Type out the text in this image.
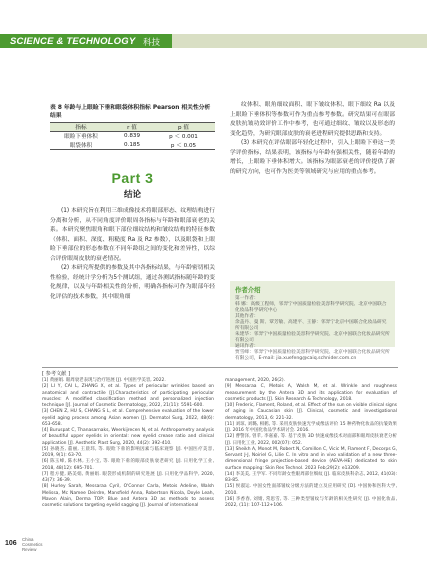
SCIENCE & TECHNOLOGY 科技
表 8 年龄与上眼睑下垂和眼袋体积指标 Pearson 相关性分析结果
指标	r 值	p 值
眼睑下垂体积	0.839	p ＜ 0.001
眼袋体积	0.185	p ＜ 0.05
Part 3
结论

(1) 本研究旨在利用三维成像技术将眼部形态、纹理结构进行分离和分析，从不同角度评价眼周各指标与年龄和眼部衰老的关系。本研究聚焦眼角和眼下部位细纹结构和皱纹结构的特征参数（体积、面积、深度、粗糙度 Ra 及 Rz 参数），以及眼袋和上眼睑下垂部位的形态参数在不同年龄组之间的变化和差异性，以综合评价眼周皮肤的衰老情况。

(2) 本研究所提供的参数及其中各指标结果，与年龄密切相关性检验，经统计学分析为5个测试组，通过各测试指标随年龄的变化规律，以及与年龄相关性的分析，明确各指标可作为眼部年轻化评估的技术参数，其中眼角细

纹体积、眼角细纹面积、眼下皱纹体积、眼下细纹 Ra 以及上眼睑下垂体积等参数可作为重点参考参数。研究结果可在眼部皮肤抗皱功效评价工作中参考，也可通过细纹、皱纹以及形态的变化趋势，为研究眼部皮肤的衰老进程研究提供思路和支持。

(3) 本研究在评估眼部年轻化过程中，引入上眼睑下垂这一美学评价指标，结果表明，该指标与年龄有强相关性，随着年龄的增长，上眼睑下垂体积增大。该指标为眼部衰老的评价提供了新的研究方向，也可作为医美等领域研究与应用的重点参考。

作者介绍
第一作者：
韩 娜：高级工程师，邻羿宁中国质量检验美容科学研究院、北京中国联合化妆品科学研究中心
其他作者：
余盖丹、曼 斯、覃芳敏、高建平、王静：邻羿宁北京中国联合化妆品研究所有限公司
朱建华：邻羿宁中国质量检验美容科学研究院、北京中国联合化妆品研究所有限公司
通讯作者：
贾雪峰：邻羿宁中国质量检验美容科学研究院、北京中国联合化妆品研究所有限公司，E-mail: jia.xuefeng@caiq.schnider.com.cn
[ 参考文献 ]
[1] 黄丽娟. 眼周衰老表现与治疗进展 [J]. 中国医学美容, 2022.
[2] LI Y, CAI L, ZHANG X, et al. Types of periocular wrinkles based on anatomical and contractile [J].Characteristics of participating periocular muscles: A modified classification method and personalized injection technique [J]. Journal of Cosmetic Dermatology, 2022, 21(11): 5591-600.
[3] CHEN Z, HU S, CHANG S L, et al. Comprehensive evaluation of the lower eyelid aging process among Asian women [J]. Dermatol Surg, 2022, 48(6): 653-658.
[4] Buruspat C, Thanasarnaks, Weerkijrecen N, et al. Anthropometry analysis of beautiful upper eyelids in oriental: new eyelid crease ratio and clinical application [J]. Aesthetic Plast Surg, 2020, 44(2): 392-410.
[5] 孙晓杰, 董丽, 王晨玮, 等. 眼睑下垂的影响因素与临床观察 [J]. 中国医疗美容, 2019, 9(1): 63-70.
[6] 陈玉峰, 陈水林, 王小宝, 等. 眼睑下垂的眼部皮肤衰老研究 [J]. 日用化学工业, 2018, 48(12): 695-701.
[7] 程方健, 路美娟, 黄丽娟. 眼袋形成机制的研究进展 [J]. 日用化学品科学, 2020, 43(7): 36-39.
[8] Hurley Sarah, Messaraa Cyril, O'Connor Carla, Metois Adeline, Walsh Melissa, Mc Namee Deirdre, Mansfield Anna, Robertson Nicola, Doyle Leah, Mavon Alain, Derma TOP: Blue and Antera 3D as methods to assess cosmetic solutions targeting eyelid sagging [J]. Journal of international
management, 2020, 26(2).
[9] Messaraa C, Metois A, Walsh M, et al. Wrinkle and roughness measurement by the Antera 3D and its application for evaluation of cosmetic products [J]. Skin Research & Technology, 2018.
[10] Frederic, Flament, Roland, et al. Effect of the sun on visible clinical signs of aging in Caucasian skin [J]. Clinical, cosmetic and investigational dermatology, 2013, 6: 221-32.
[11] 刘琼, 刘璐, 相鹤, 等. 采用皮肤快速光学成像法评价 15 种药物化妆品的抗皱效果 [J]. 2016 年中国化妆品学术研讨会. 2016.
[12] 曹警泽, 曾苹, 李嘉嘉, 等. 基于皮肤 3D 快速成像技术对面部和眼周皮肤衰老分析 [J]. 日用化工业, 2022, 002(07): 052.
[13] Sheikh A, Monot M, Robert N, Comillon C, Vicic M, Flament F, Decorps G, Servant J-J, Noiriel G, Lilie C. In vitro and in vivo validation of a new three-dimensional fringe projection-based device (AEVA-HE) dedicated to skin surface mapping: Skin Res Technol. 2023 Feb;29(2): e13209.
[14] 李美美, 王学军. 不同年龄女性眼周部位细纹 [J]. 临床皮肤科杂志, 2012, 41(03): 83-85.
[15] 侯淑运. 中国女性面部皱纹分级方法的建立及应用研究 [D]. 中国协和医科大学, 2010.
[16] 李香春, 刘婧, 常思雪, 等. 三种类型皱纹与年龄的相关性研究 [J]. 中国化妆品, 2022, (11): 107-112+106.
106
China
Cosmetics
Review
